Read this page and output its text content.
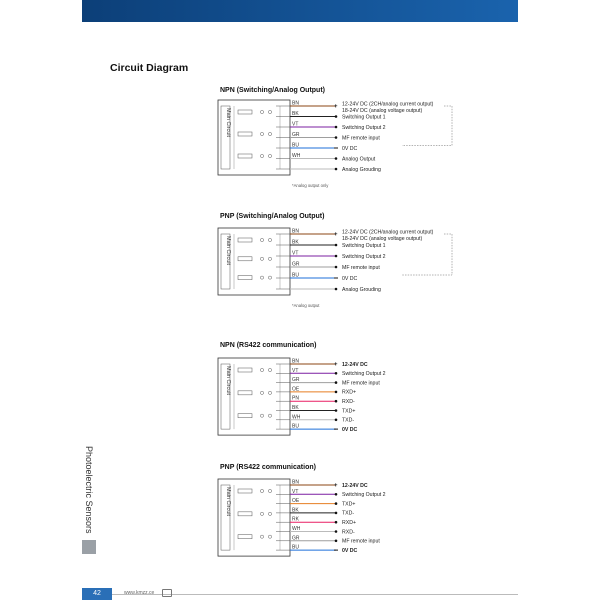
Circuit Diagram
NPN (Switching/Analog Output)
Main Circuit
BN
+ 12-24V DC (2CH/analog current output)
18-24V DC (analog voltage output)
BK
Switching Output 1
VT
Switching Output 2
GR
MF remote input
BU
0V DC
WH
Analog Output
Analog Grouding
*Analog output only
PNP (Switching/Analog Output)
Main Circuit
BN
+ 12-24V DC (2CH/analog current output)
18-24V DC (analog voltage output)
BK
Switching Output 1
VT
Switching Output 2
GR
MF remote input
BU
0V DC
Analog Grouding
*Analog output
NPN (RS422 communication)
Main Circuit
BN
+ 12-24V DC
VT
Switching Output 2
GR
MF remote input
OE
RXD+
PN
RXD-
BK
TXD+
WH
TXD-
BU
0V DC
PNP (RS422 communication)
Main Circuit
BN
+ 12-24V DC
VT
Switching Output 2
OE
TXD+
BK
TXD-
RK
RXD+
WH
RXD-
GR
MF remote input
BU
0V DC
Photoelectric Sensors
42	www.kmzz.ce
